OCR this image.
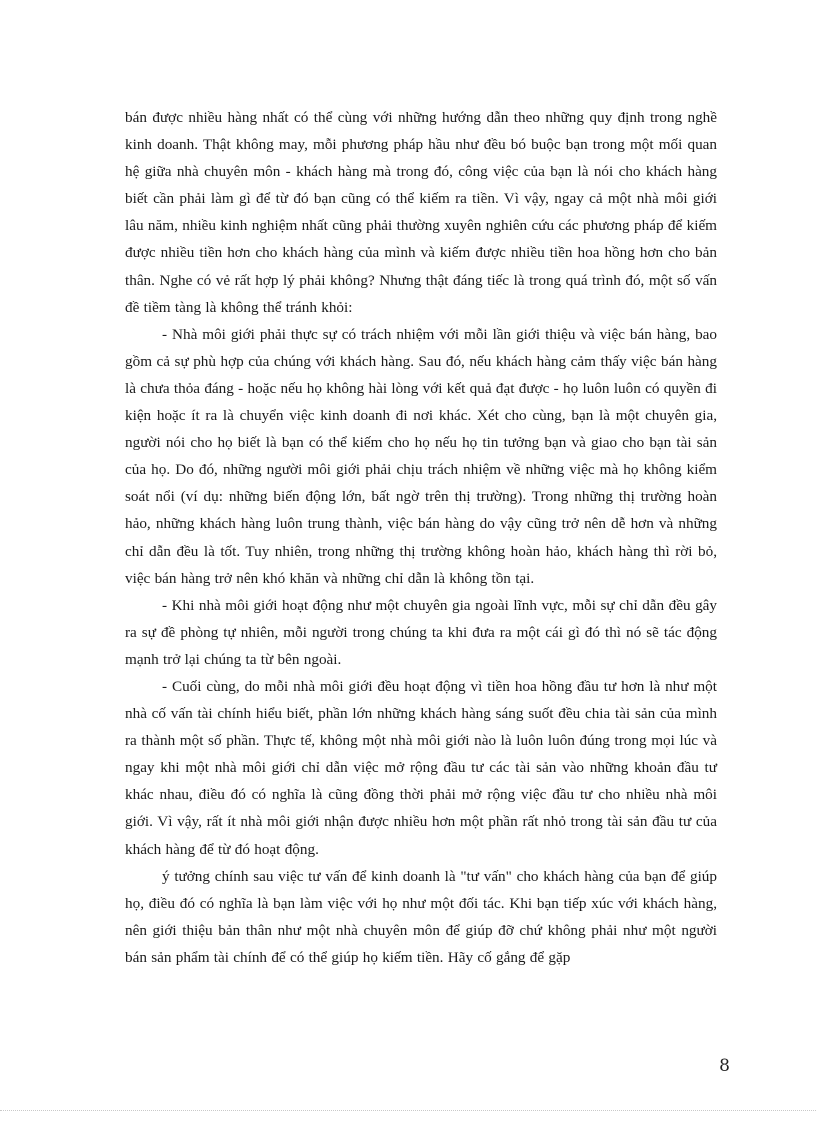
bán được nhiều hàng nhất có thể cùng với những hướng dẫn theo những quy định trong nghề kinh doanh. Thật không may, mỗi phương pháp hầu như đều bó buộc bạn trong một mối quan hệ giữa nhà chuyên môn - khách hàng mà trong đó, công việc của bạn là nói cho khách hàng biết cần phải làm gì để từ đó bạn cũng có thể kiếm ra tiền. Vì vậy, ngay cả một nhà môi giới lâu năm, nhiều kinh nghiệm nhất cũng phải thường xuyên nghiên cứu các phương pháp để kiếm được nhiều tiền hơn cho khách hàng của mình và kiếm được nhiều tiền hoa hồng hơn cho bản thân. Nghe có vẻ rất hợp lý phải không? Nhưng thật đáng tiếc là trong quá trình đó, một số vấn đề tiềm tàng là không thể tránh khỏi:

- Nhà môi giới phải thực sự có trách nhiệm với mỗi lần giới thiệu và việc bán hàng, bao gồm cả sự phù hợp của chúng với khách hàng. Sau đó, nếu khách hàng cảm thấy việc bán hàng là chưa thỏa đáng - hoặc nếu họ không hài lòng với kết quả đạt được - họ luôn luôn có quyền đi kiện hoặc ít ra là chuyển việc kinh doanh đi nơi khác. Xét cho cùng, bạn là một chuyên gia, người nói cho họ biết là bạn có thể kiếm cho họ nếu họ tin tưởng bạn và giao cho bạn tài sản của họ. Do đó, những người môi giới phải chịu trách nhiệm về những việc mà họ không kiểm soát nổi (ví dụ: những biến động lớn, bất ngờ trên thị trường). Trong những thị trường hoàn hảo, những khách hàng luôn trung thành, việc bán hàng do vậy cũng trở nên dễ hơn và những chỉ dẫn đều là tốt. Tuy nhiên, trong những thị trường không hoàn hảo, khách hàng thì rời bỏ, việc bán hàng trở nên khó khăn và những chỉ dẫn là không tồn tại.

- Khi nhà môi giới hoạt động như một chuyên gia ngoài lĩnh vực, mỗi sự chỉ dẫn đều gây ra sự đề phòng tự nhiên, mỗi người trong chúng ta khi đưa ra một cái gì đó thì nó sẽ tác động mạnh trở lại chúng ta từ bên ngoài.

- Cuối cùng, do mỗi nhà môi giới đều hoạt động vì tiền hoa hồng đầu tư hơn là như một nhà cố vấn tài chính hiểu biết, phần lớn những khách hàng sáng suốt đều chia tài sản của mình ra thành một số phần. Thực tế, không một nhà môi giới nào là luôn luôn đúng trong mọi lúc và ngay khi một nhà môi giới chỉ dẫn việc mở rộng đầu tư các tài sản vào những khoản đầu tư khác nhau, điều đó có nghĩa là cũng đồng thời phải mở rộng việc đầu tư cho nhiều nhà môi giới. Vì vậy, rất ít nhà môi giới nhận được nhiều hơn một phần rất nhỏ trong tài sản đầu tư của khách hàng để từ đó hoạt động.

ý tưởng chính sau việc tư vấn để kinh doanh là "tư vấn" cho khách hàng của bạn để giúp họ, điều đó có nghĩa là bạn làm việc với họ như một đối tác. Khi bạn tiếp xúc với khách hàng, nên giới thiệu bản thân như một nhà chuyên môn để giúp đỡ chứ không phải như một người bán sản phẩm tài chính để có thể giúp họ kiếm tiền. Hãy cố gắng để gặp

8
